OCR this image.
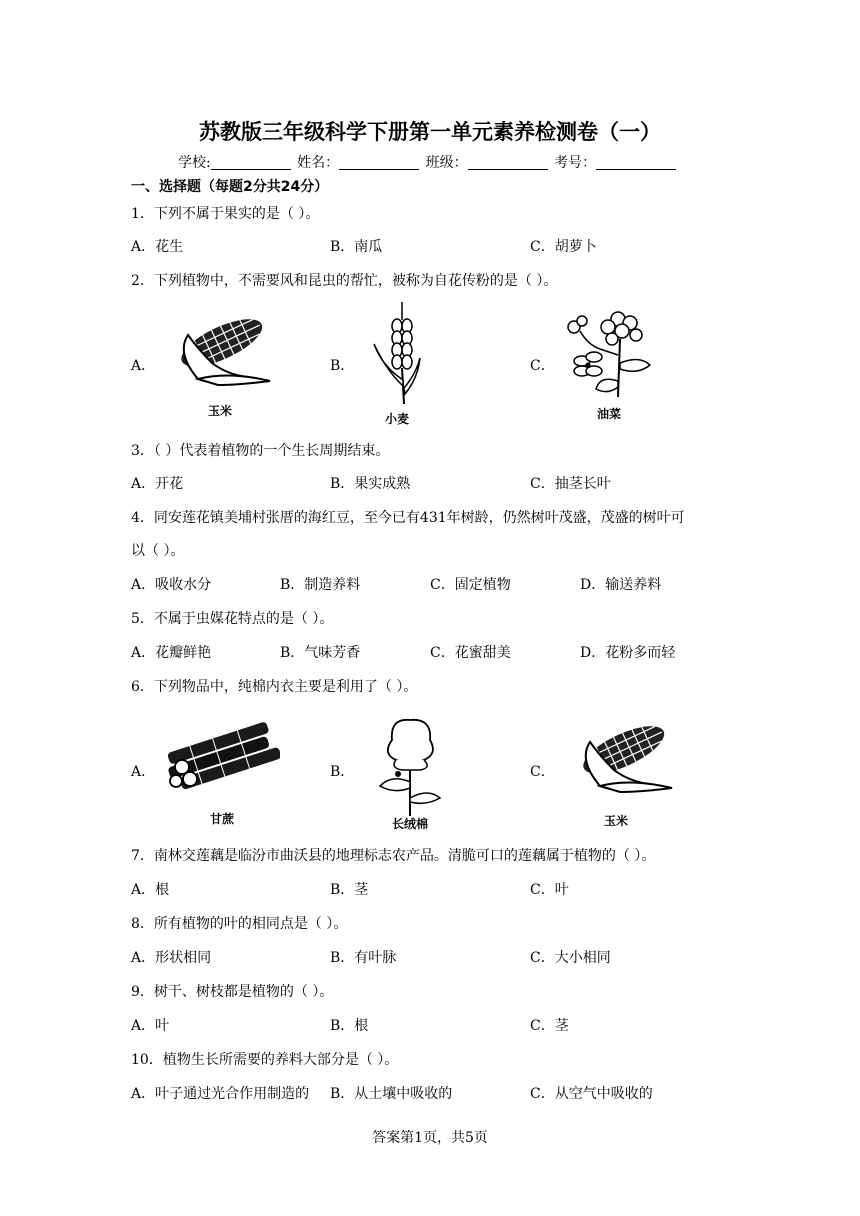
苏教版三年级科学下册第一单元素养检测卷（一）
学校:	姓名：	班级：	考号：
一、选择题（每题2分共24分）
1．下列不属于果实的是（ ）。
A．花生	B．南瓜	C．胡萝卜
2．下列植物中，不需要风和昆虫的帮忙，被称为自花传粉的是（ ）。
A．	B．	C．
玉米
小麦	油菜
3．（ ）代表着植物的一个生长周期结束。
A．开花	B．果实成熟	C．抽茎长叶
4．同安莲花镇美埔村张厝的海红豆，至今已有431年树龄，仍然树叶茂盛，茂盛的树叶可
以（ ）。
A．吸收水分	B．制造养料	C．固定植物	D．输送养料
5．不属于虫媒花特点的是（ ）。
A．花瓣鲜艳	B．气味芳香	C．花蜜甜美	D．花粉多而轻
6．下列物品中，纯棉内衣主要是利用了（ ）。
A．	B．	C．
甘蔗	长绒棉	玉米
7．南林交莲藕是临汾市曲沃县的地理标志农产品。清脆可口的莲藕属于植物的（ ）。
A．根	B．茎	C．叶
8．所有植物的叶的相同点是（ ）。
A．形状相同	B．有叶脉	C．大小相同
9．树干、树枝都是植物的（ ）。
A．叶	B．根	C．茎
10．植物生长所需要的养料大部分是（ ）。
A．叶子通过光合作用制造的 B．从土壤中吸收的	C．从空气中吸收的
答案第1页，共5页
